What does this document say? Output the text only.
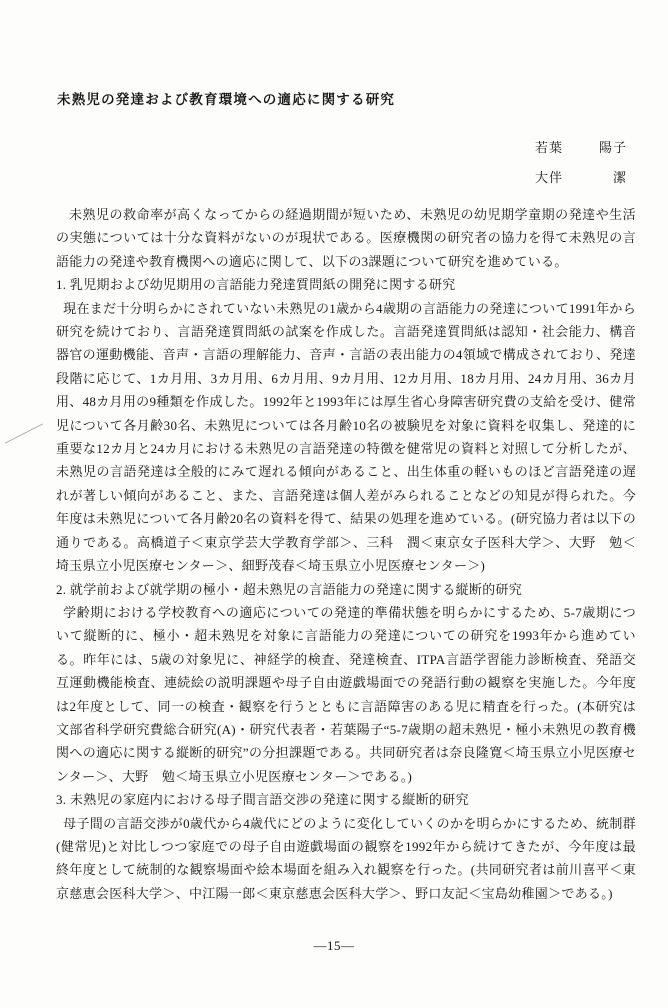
未熟児の発達および教育環境への適応に関する研究
若葉	陽子
大伴	潔

未熟児の救命率が高くなってからの経過期間が短いため、未熟児の幼児期学童期の発達や生活の実態については十分な資料がないのが現状である。医療機関の研究者の協力を得て未熟児の言語能力の発達や教育機関への適応に関して、以下の3課題について研究を進めている。

1. 乳児期および幼児期用の言語能力発達質問紙の開発に関する研究

現在まだ十分明らかにされていない未熟児の1歳から4歳期の言語能力の発達について1991年から研究を続けており、言語発達質問紙の試案を作成した。言語発達質問紙は認知・社会能力、構音器官の運動機能、音声・言語の理解能力、音声・言語の表出能力の4領域で構成されており、発達段階に応じて、1カ月用、3カ月用、6カ月用、9カ月用、12カ月用、18カ月用、24カ月用、36カ月用、48カ月用の9種類を作成した。1992年と1993年には厚生省心身障害研究費の支給を受け、健常児について各月齢30名、未熟児については各月齢10名の被験児を対象に資料を収集し、発達的に重要な12カ月と24カ月における未熟児の言語発達の特徴を健常児の資料と対照して分析したが、未熟児の言語発達は全般的にみて遅れる傾向があること、出生体重の軽いものほど言語発達の遅れが著しい傾向があること、また、言語発達は個人差がみられることなどの知見が得られた。今年度は未熟児について各月齢20名の資料を得て、結果の処理を進めている。(研究協力者は以下の通りである。高橋道子＜東京学芸大学教育学部＞、三科　潤＜東京女子医科大学＞、大野　勉＜埼玉県立小児医療センター＞、細野茂春＜埼玉県立小児医療センター＞)

2. 就学前および就学期の極小・超未熟児の言語能力の発達に関する縦断的研究

学齢期における学校教育への適応についての発達的準備状態を明らかにするため、5-7歳期について縦断的に、極小・超未熟児を対象に言語能力の発達についての研究を1993年から進めている。昨年には、5歳の対象児に、神経学的検査、発達検査、ITPA言語学習能力診断検査、発語交互運動機能検査、連続絵の説明課題や母子自由遊戯場面での発語行動の観察を実施した。今年度は2年度として、同一の検査・観察を行うとともに言語障害のある児に精査を行った。(本研究は文部省科学研究費総合研究(A)・研究代表者・若葉陽子“5-7歳期の超未熟児・極小未熟児の教育機関への適応に関する縦断的研究”の分担課題である。共同研究者は奈良隆寛＜埼玉県立小児医療センター＞、大野　勉＜埼玉県立小児医療センター＞である。)

3. 未熟児の家庭内における母子間言語交渉の発達に関する縦断的研究

母子間の言語交渉が0歳代から4歳代にどのように変化していくのかを明らかにするため、統制群(健常児)と対比しつつ家庭での母子自由遊戯場面の観察を1992年から続けてきたが、今年度は最終年度として統制的な観察場面や絵本場面を組み入れ観察を行った。(共同研究者は前川喜平＜東京慈恵会医科大学＞、中江陽一郎＜東京慈恵会医科大学＞、野口友記＜宝島幼稚園＞である。)

—15—
